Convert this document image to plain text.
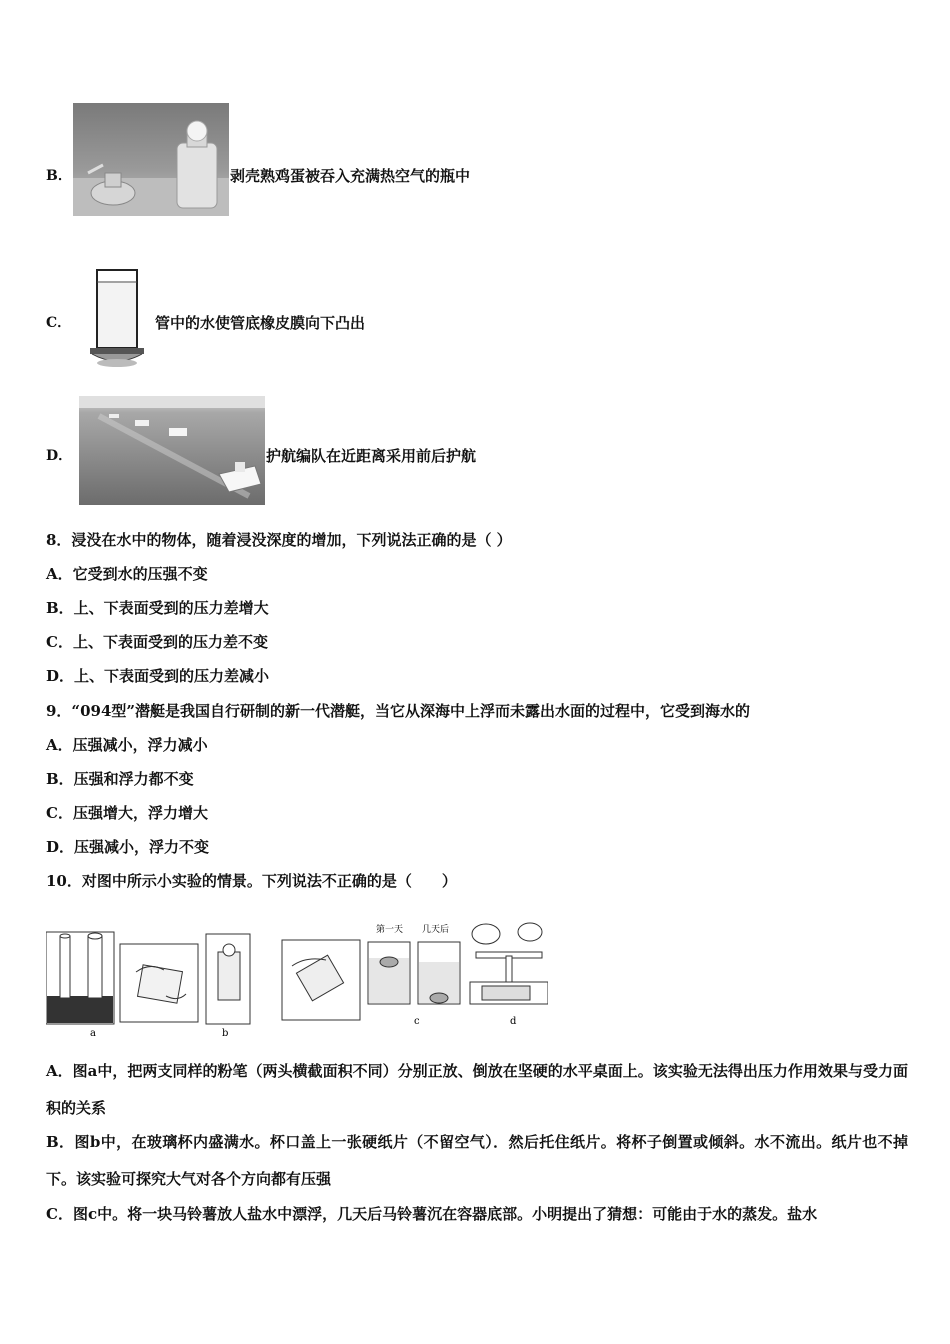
B．	剥壳熟鸡蛋被吞入充满热空气的瓶中
C．	管中的水使管底橡皮膜向下凸出
D．	护航编队在近距离采用前后护航
8．浸没在水中的物体，随着浸没深度的增加，下列说法正确的是（ ）
A．它受到水的压强不变
B．上、下表面受到的压力差增大
C．上、下表面受到的压力差不变
D．上、下表面受到的压力差减小
9．“094型”潜艇是我国自行研制的新一代潜艇，当它从深海中上浮而未露出水面的过程中，它受到海水的
A．压强减小，浮力减小
B．压强和浮力都不变
C．压强增大，浮力增大
D．压强减小，浮力不变
10．对图中所示小实验的情景。下列说法不正确的是（　　）
a	b
第一天 几天后
c	d
A．图a中，把两支同样的粉笔（两头横截面积不同）分别正放、倒放在坚硬的水平桌面上。该实验无法得出压力作用效果与受力面积的关系
B．图b中，在玻璃杯内盛满水。杯口盖上一张硬纸片（不留空气）．然后托住纸片。将杯子倒置或倾斜。水不流出。纸片也不掉下。该实验可探究大气对各个方向都有压强
C．图c中。将一块马铃薯放人盐水中漂浮，几天后马铃薯沉在容器底部。小明提出了猜想：可能由于水的蒸发。盐水
